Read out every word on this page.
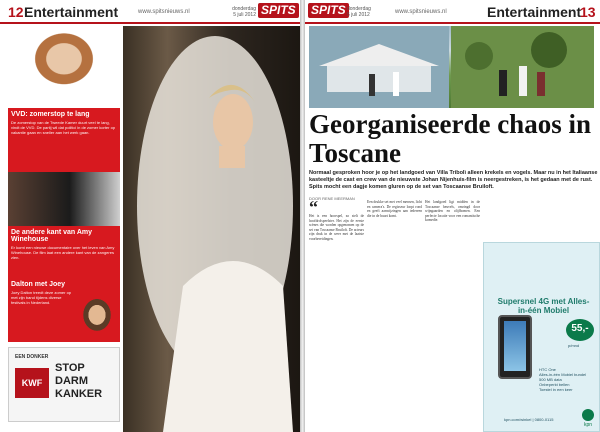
12 Entertainment	www.spitsnieuws.nl	donderdag
5 juli 2012 SPITS
VVD: zomerstop te lang

De zomerstop van de Tweede Kamer duurt veel te lang, vindt de VVD. De partij wil dat politici in de zomer korter op vakantie gaan en sneller aan het werk gaan.

De andere kant van Amy Winehouse

Er komt een nieuwe documentaire over het leven van Amy Winehouse. De film laat een andere kant van de zangeres zien.

Dalton met Joey

Joey Dalton treedt deze zomer op met zijn band tijdens diverse festivals in Nederland.

EEN DONKER
KWF
STOP DARM KANKER
SPITS donderdag
5 juli 2012	www.spitsnieuws.nl	Entertainment
13
Georganiseerde chaos in Toscane
Normaal gesproken hoor je op het landgoed van Villa Tribolì alleen krekels en vogels. Maar nu in het Italiaanse kasteeltje de cast en crew van de nieuwste Johan Nijenhuis-film is neergestreken, is het gedaan met de rust. Spits mocht een dagje komen gluren op de set van Toscaanse Bruiloft.
DOOR RENE MEERMAN
“
Het is een hoorspel, zo stelt de hoofdrolspeelster. Het zijn de eerste scènes die worden opgenomen op de set van Toscaanse Bruiloft. De acteurs zijn druk in de weer met de laatste voorbereidingen.
Een drukke set met veel mensen, licht en camera's. De regisseur loopt rond en geeft aanwijzingen aan iedereen die in de buurt komt.
Het landgoed ligt midden in de Toscaanse heuvels, omringd door wijngaarden en olijfbomen. Een perfecte locatie voor een romantische komedie.
Supersnel 4G met Alles-in-één Mobiel
55,-
p/mnd
HTC One
Alles-in-één Mobiel bundel
500 MB data
Onbeperkt bellen
Toestel in een keer
kpn.com/winkel | 0800-0115
kpn
